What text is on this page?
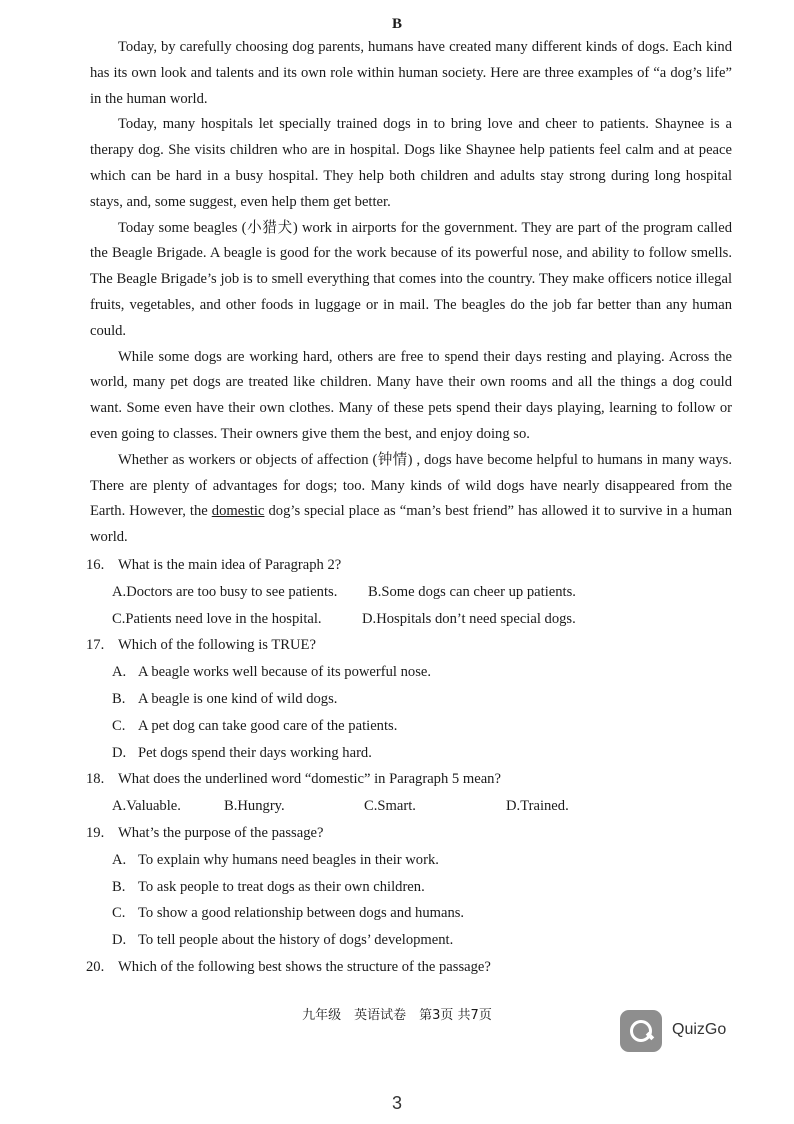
B

Today, by carefully choosing dog parents, humans have created many different kinds of dogs. Each kind has its own look and talents and its own role within human society. Here are three examples of “a dog’s life” in the human world.

Today, many hospitals let specially trained dogs in to bring love and cheer to patients. Shaynee is a therapy dog. She visits children who are in hospital. Dogs like Shaynee help patients feel calm and at peace which can be hard in a busy hospital. They help both children and adults stay strong during long hospital stays, and, some suggest, even help them get better.

Today some beagles (小猎犬) work in airports for the government. They are part of the program called the Beagle Brigade. A beagle is good for the work because of its powerful nose, and ability to follow smells. The Beagle Brigade’s job is to smell everything that comes into the country. They make officers notice illegal fruits, vegetables, and other foods in luggage or in mail. The beagles do the job far better than any human could.

While some dogs are working hard, others are free to spend their days resting and playing. Across the world, many pet dogs are treated like children. Many have their own rooms and all the things a dog could want. Some even have their own clothes. Many of these pets spend their days playing, learning to follow or even going to classes. Their owners give them the best, and enjoy doing so.

Whether as workers or objects of affection (钟情) , dogs have become helpful to humans in many ways. There are plenty of advantages for dogs; too. Many kinds of wild dogs have nearly disappeared from the Earth. However, the domestic dog’s special place as “man’s best friend” has allowed it to survive in a human world.

16. What is the main idea of Paragraph 2?
A.Doctors are too busy to see patients. B.Some dogs can cheer up patients.
C.Patients need love in the hospital.	D.Hospitals don’t need special dogs.
17. Which of the following is TRUE?
A. A beagle works well because of its powerful nose.
B. A beagle is one kind of wild dogs.
C. A pet dog can take good care of the patients.
D. Pet dogs spend their days working hard.
18. What does the underlined word “domestic” in Paragraph 5 mean?
A.Valuable.	B.Hungry.	C.Smart.	D.Trained.
19. What’s the purpose of the passage?
A. To explain why humans need beagles in their work.
B. To ask people to treat dogs as their own children.
C. To show a good relationship between dogs and humans.
D. To tell people about the history of dogs’ development.
20. Which of the following best shows the structure of the passage?
九年级　英语试卷　第3页 共7页
QuizGo
3
